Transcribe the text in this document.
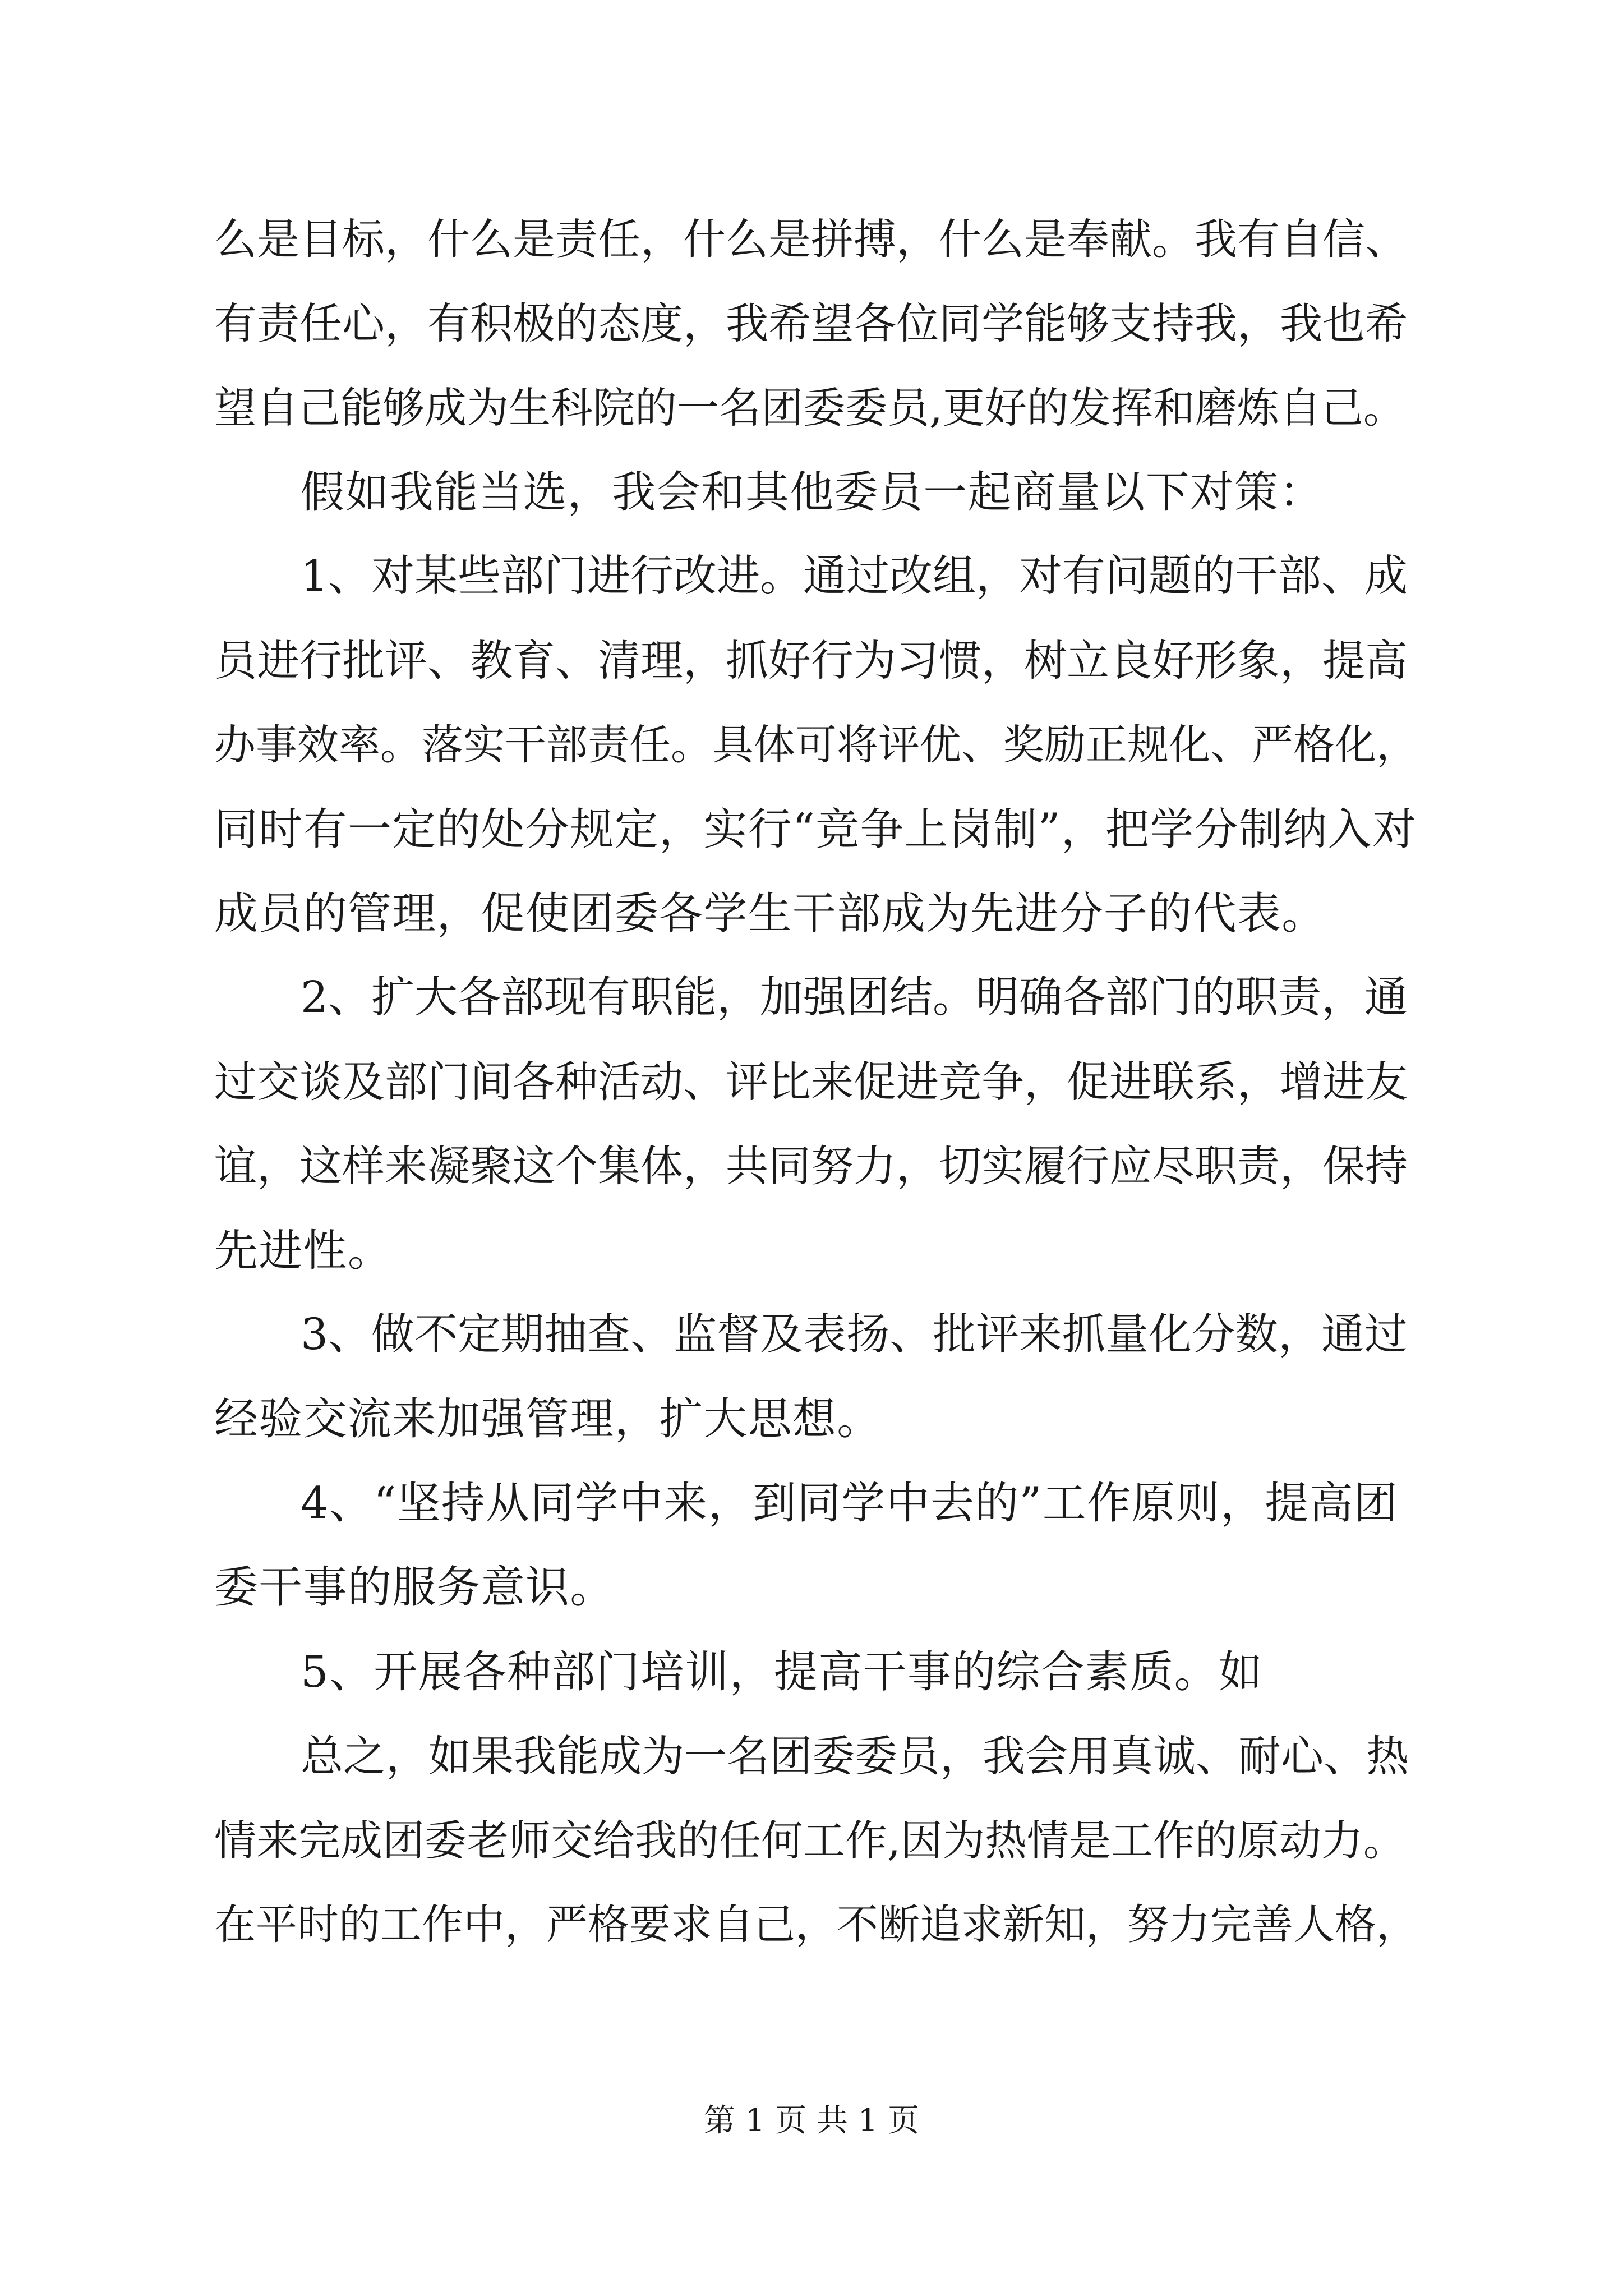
么是目标，什么是责任，什么是拼搏，什么是奉献。我有自信、

有责任心，有积极的态度，我希望各位同学能够支持我，我也希

望自己能够成为生科院的一名团委委员,更好的发挥和磨炼自己。

假如我能当选，我会和其他委员一起商量以下对策：

1、对某些部门进行改进。通过改组，对有问题的干部、成

员进行批评、教育、清理，抓好行为习惯，树立良好形象，提高

办事效率。落实干部责任。具体可将评优、奖励正规化、严格化，

同时有一定的处分规定，实行“竞争上岗制”，把学分制纳入对

成员的管理，促使团委各学生干部成为先进分子的代表。

2、扩大各部现有职能，加强团结。明确各部门的职责，通

过交谈及部门间各种活动、评比来促进竞争，促进联系，增进友

谊，这样来凝聚这个集体，共同努力，切实履行应尽职责，保持

先进性。

3、做不定期抽查、监督及表扬、批评来抓量化分数，通过

经验交流来加强管理，扩大思想。

4、“坚持从同学中来，到同学中去的”工作原则，提高团

委干事的服务意识。

5、开展各种部门培训，提高干事的综合素质。如

总之，如果我能成为一名团委委员，我会用真诚、耐心、热

情来完成团委老师交给我的任何工作,因为热情是工作的原动力。

在平时的工作中，严格要求自己，不断追求新知，努力完善人格，

第 1 页 共 1 页
